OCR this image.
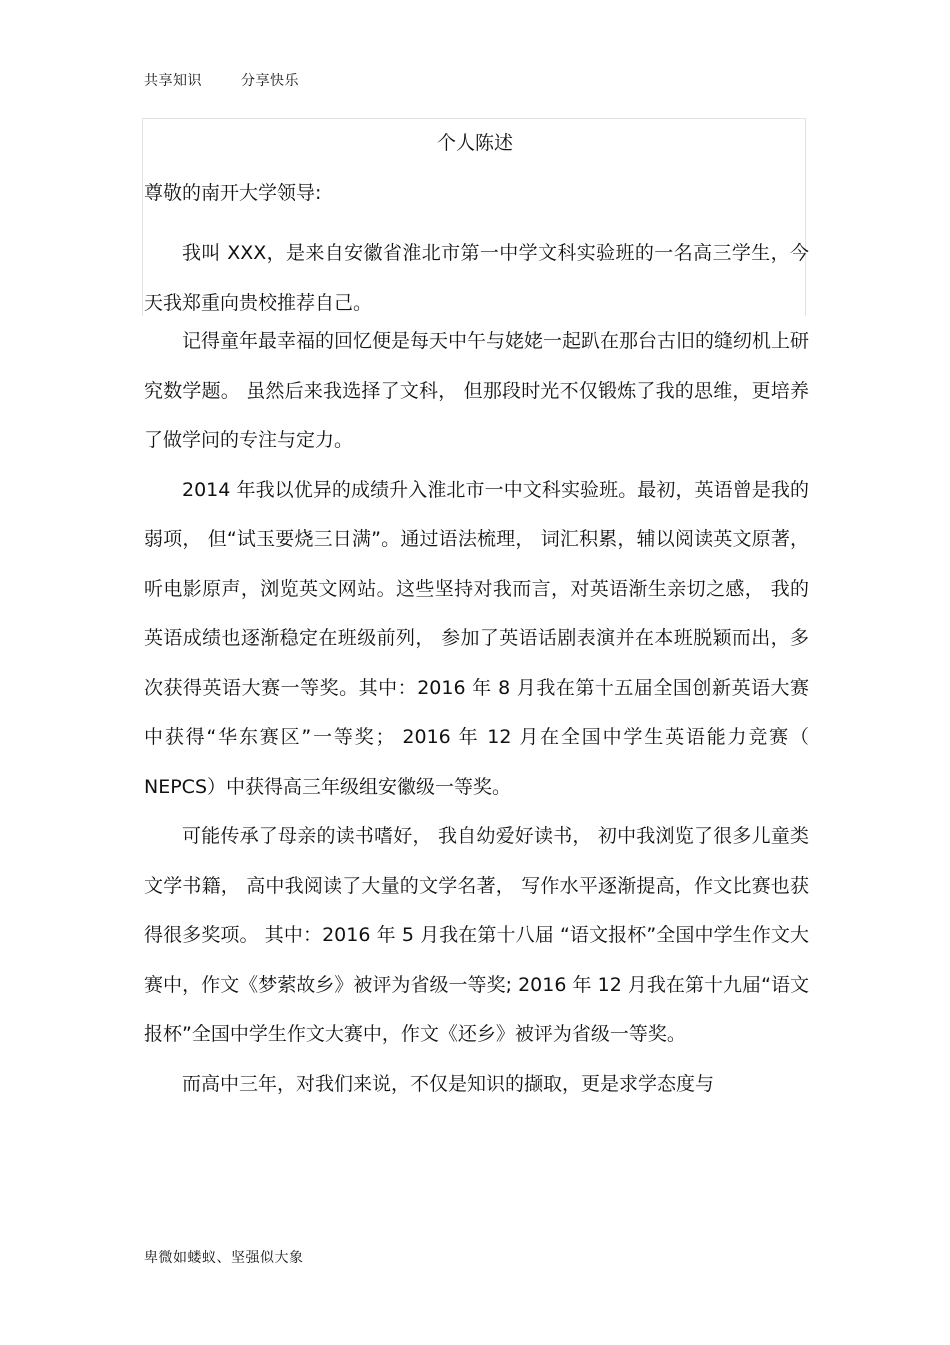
共享知识	分享快乐
个人陈述
尊敬的南开大学领导:

我叫 XXX，是来自安徽省淮北市第一中学文科实验班的一名高三学生，今天我郑重向贵校推荐自己。

记得童年最幸福的回忆便是每天中午与姥姥一起趴在那台古旧的缝纫机上研究数学题。 虽然后来我选择了文科， 但那段时光不仅锻炼了我的思维，更培养了做学问的专注与定力。

2014 年我以优异的成绩升入淮北市一中文科实验班。最初，英语曾是我的弱项， 但“试玉要烧三日满”。通过语法梳理， 词汇积累，辅以阅读英文原著，听电影原声，浏览英文网站。这些坚持对我而言，对英语渐生亲切之感， 我的英语成绩也逐渐稳定在班级前列， 参加了英语话剧表演并在本班脱颖而出，多次获得英语大赛一等奖。其中：2016 年 8 月我在第十五届全国创新英语大赛中获得“华东赛区”一等奖； 2016 年 12 月在全国中学生英语能力竞赛（ NEPCS）中获得高三年级组安徽级一等奖。

可能传承了母亲的读书嗜好， 我自幼爱好读书， 初中我浏览了很多儿童类文学书籍， 高中我阅读了大量的文学名著， 写作水平逐渐提高，作文比赛也获得很多奖项。 其中：2016 年 5 月我在第十八届 “语文报杯”全国中学生作文大赛中，作文《梦萦故乡》被评为省级一等奖; 2016 年 12 月我在第十九届“语文报杯”全国中学生作文大赛中，作文《还乡》被评为省级一等奖。

而高中三年，对我们来说，不仅是知识的撷取，更是求学态度与

卑微如蝼蚁、坚强似大象
